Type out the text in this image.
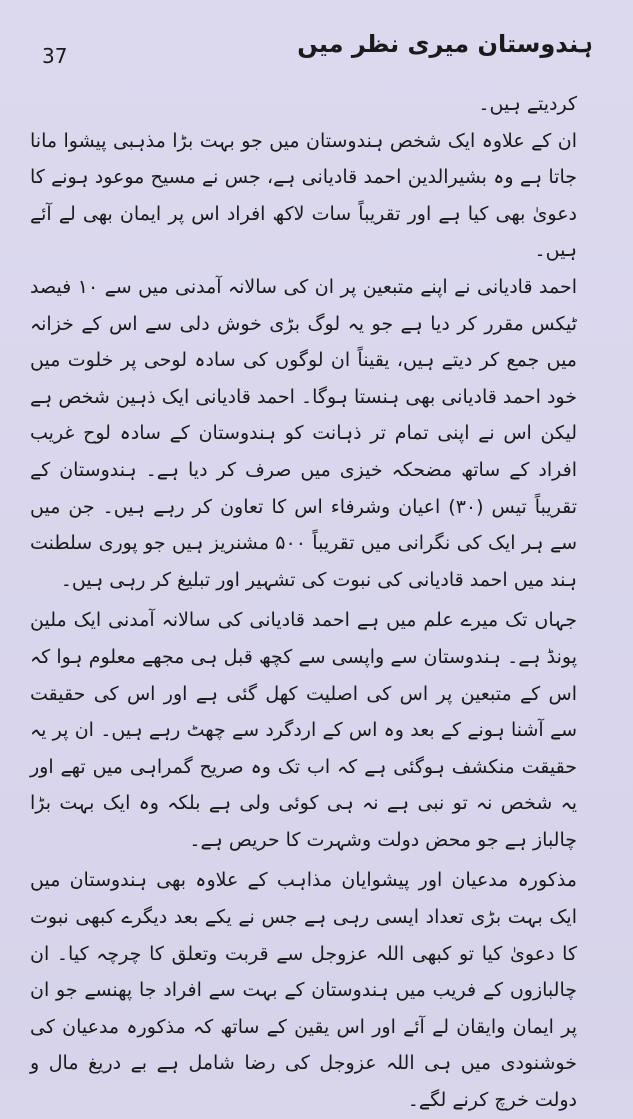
37	ہندوستان میری نظر میں

کردیتے ہیں۔

ان کے علاوہ ایک شخص ہندوستان میں جو بہت بڑا مذہبی پیشوا مانا جاتا ہے وہ بشیرالدین احمد قادیانی ہے، جس نے مسیح موعود ہونے کا دعویٰ بھی کیا ہے اور تقریباً سات لاکھ افراد اس پر ایمان بھی لے آئے ہیں۔

احمد قادیانی نے اپنے متبعین پر ان کی سالانہ آمدنی میں سے ۱۰ فیصد ٹیکس مقرر کر دیا ہے جو یہ لوگ بڑی خوش دلی سے اس کے خزانہ میں جمع کر دیتے ہیں، یقیناً ان لوگوں کی سادہ لوحی پر خلوت میں خود احمد قادیانی بھی ہنستا ہوگا۔ احمد قادیانی ایک ذہین شخص ہے لیکن اس نے اپنی تمام تر ذہانت کو ہندوستان کے سادہ لوح غریب افراد کے ساتھ مضحکہ خیزی میں صرف کر دیا ہے۔ ہندوستان کے تقریباً تیس (۳۰) اعیان وشرفاء اس کا تعاون کر رہے ہیں۔ جن میں سے ہر ایک کی نگرانی میں تقریباً ۵۰۰ مشنریز ہیں جو پوری سلطنت ہند میں احمد قادیانی کی نبوت کی تشہیر اور تبلیغ کر رہی ہیں۔

جہاں تک میرے علم میں ہے احمد قادیانی کی سالانہ آمدنی ایک ملین پونڈ ہے۔ ہندوستان سے واپسی سے کچھ قبل ہی مجھے معلوم ہوا کہ اس کے متبعین پر اس کی اصلیت کھل گئی ہے اور اس کی حقیقت سے آشنا ہونے کے بعد وہ اس کے اردگرد سے چھٹ رہے ہیں۔ ان پر یہ حقیقت منکشف ہوگئی ہے کہ اب تک وہ صریح گمراہی میں تھے اور یہ شخص نہ تو نبی ہے نہ ہی کوئی ولی ہے بلکہ وہ ایک بہت بڑا چالباز ہے جو محض دولت وشہرت کا حریص ہے۔

مذکورہ مدعیان اور پیشوایان مذاہب کے علاوہ بھی ہندوستان میں ایک بہت بڑی تعداد ایسی رہی ہے جس نے یکے بعد دیگرے کبھی نبوت کا دعویٰ کیا تو کبھی اللہ عزوجل سے قربت وتعلق کا چرچہ کیا۔ ان چالبازوں کے فریب میں ہندوستان کے بہت سے افراد جا پھنسے جو ان پر ایمان وایقان لے آئے اور اس یقین کے ساتھ کہ مذکورہ مدعیان کی خوشنودی میں ہی اللہ عزوجل کی رضا شامل ہے بے دریغ مال و دولت خرچ کرنے لگے۔
